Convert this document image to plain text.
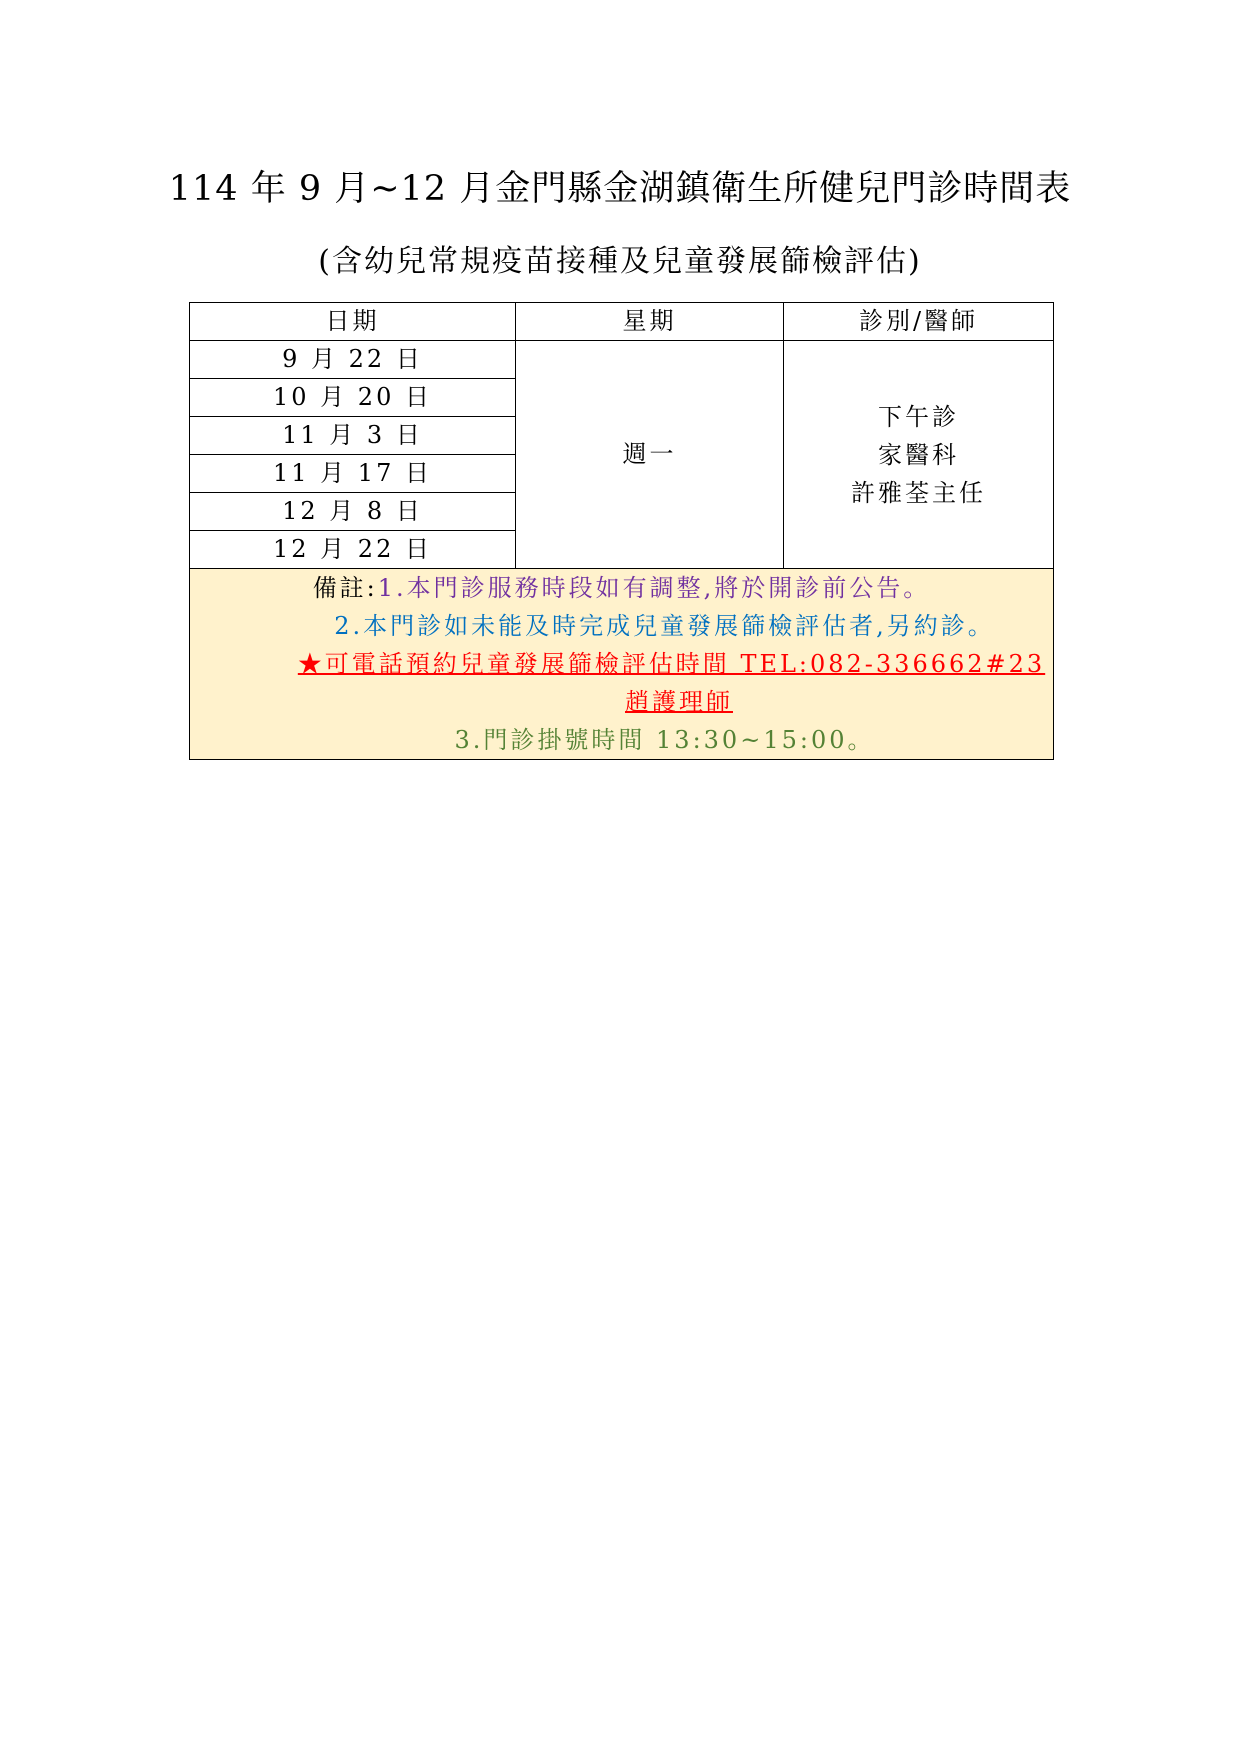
114 年 9 月~12 月金門縣金湖鎮衛生所健兒門診時間表
(含幼兒常規疫苗接種及兒童發展篩檢評估)
日期	星期	診別/醫師
9 月 22 日	週一	下午診
家醫科
許雅荃主任

10 月 20 日		
11 月 3 日		
11 月 17 日		
12 月 8 日		
12 月 22 日		

備註:1.本門診服務時段如有調整,將於開診前公告。
2.本門診如未能及時完成兒童發展篩檢評估者,另約診。
★可電話預約兒童發展篩檢評估時間 TEL:082-336662#23
趙護理師
3.門診掛號時間 13:30~15:00。		
